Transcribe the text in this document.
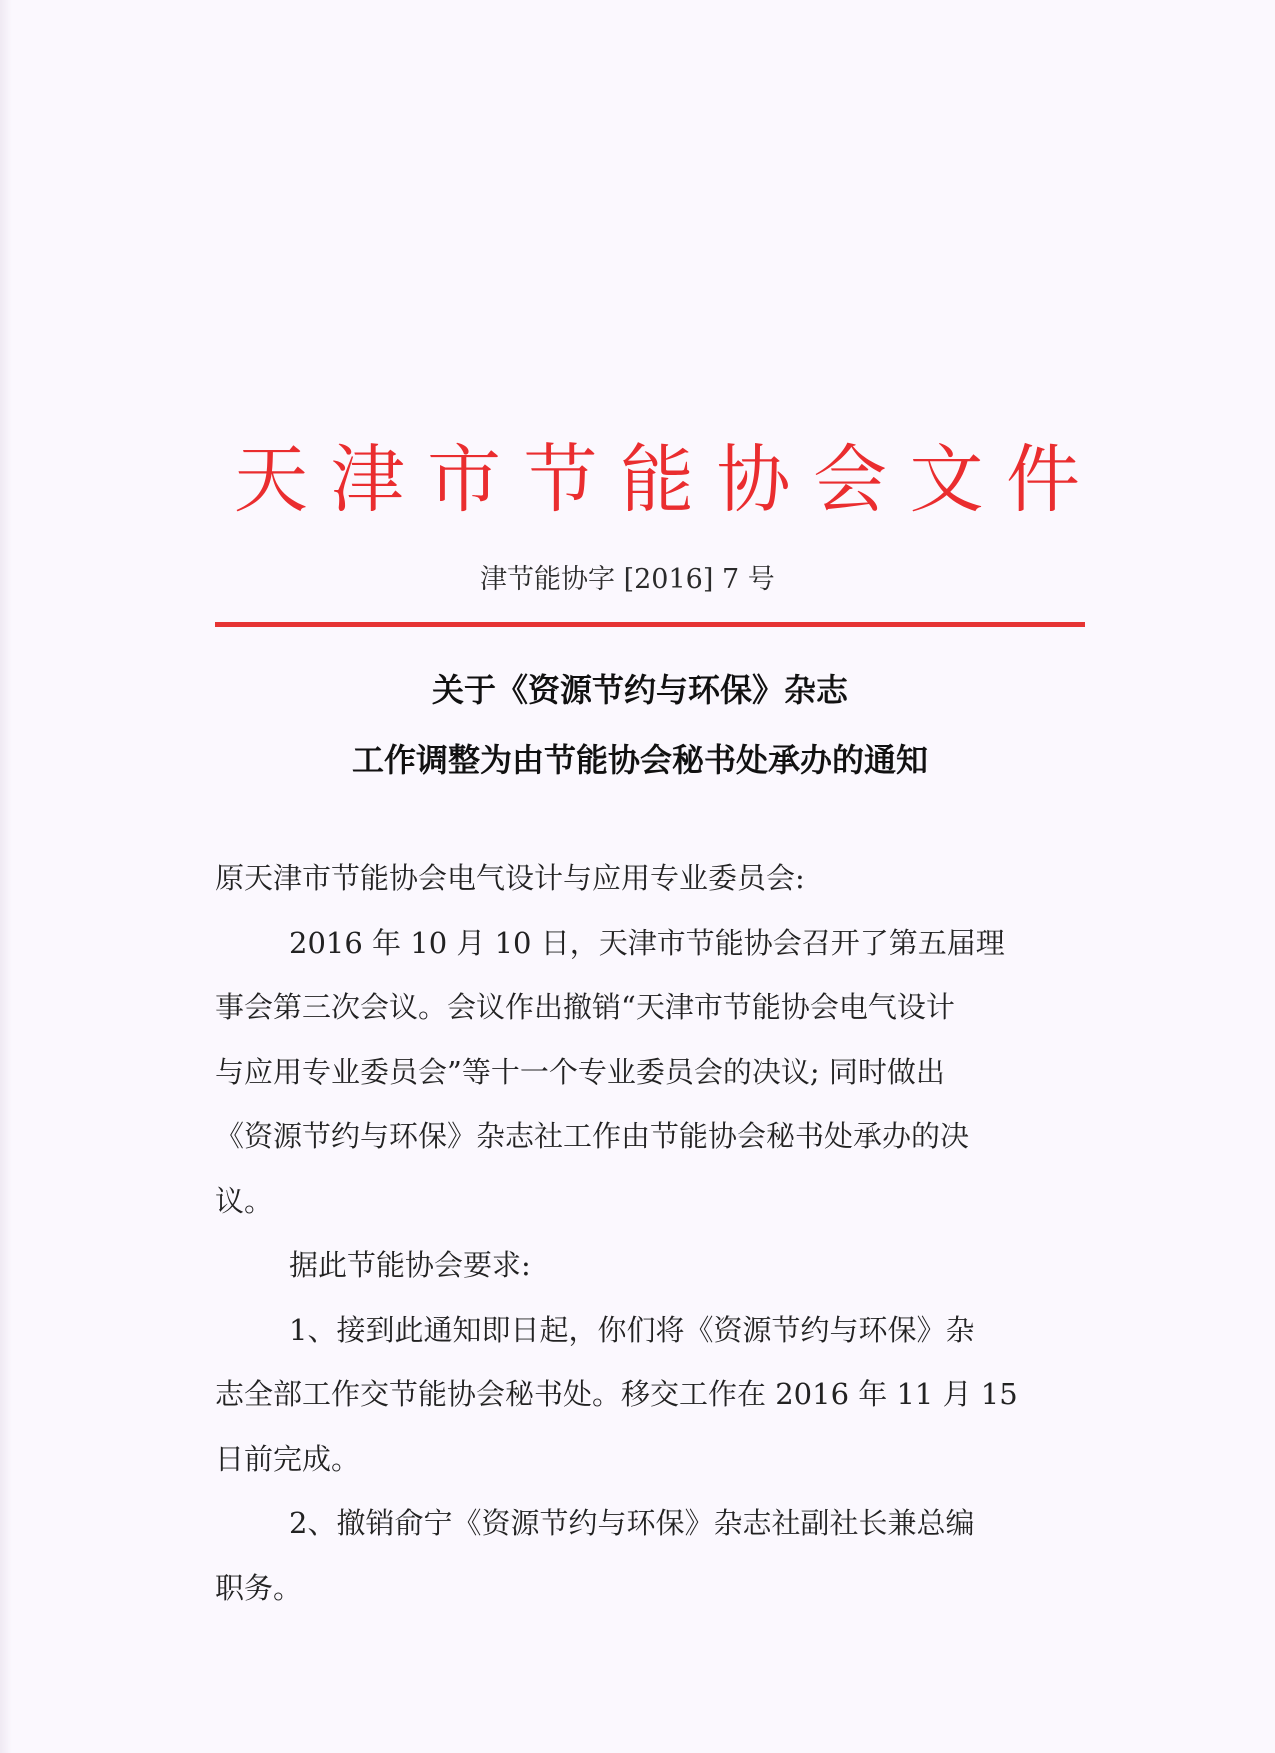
天 津 市 节 能 协 会 文 件
津节能协字 [2016] 7 号
关于《资源节约与环保》杂志
工作调整为由节能协会秘书处承办的通知
原天津市节能协会电气设计与应用专业委员会:
2016 年 10 月 10 日，天津市节能协会召开了第五届理
事会第三次会议。会议作出撤销“天津市节能协会电气设计
与应用专业委员会”等十一个专业委员会的决议; 同时做出
《资源节约与环保》杂志社工作由节能协会秘书处承办的决
议。
据此节能协会要求:
1、接到此通知即日起，你们将《资源节约与环保》杂
志全部工作交节能协会秘书处。移交工作在 2016 年 11 月 15
日前完成。
2、撤销俞宁《资源节约与环保》杂志社副社长兼总编
职务。
